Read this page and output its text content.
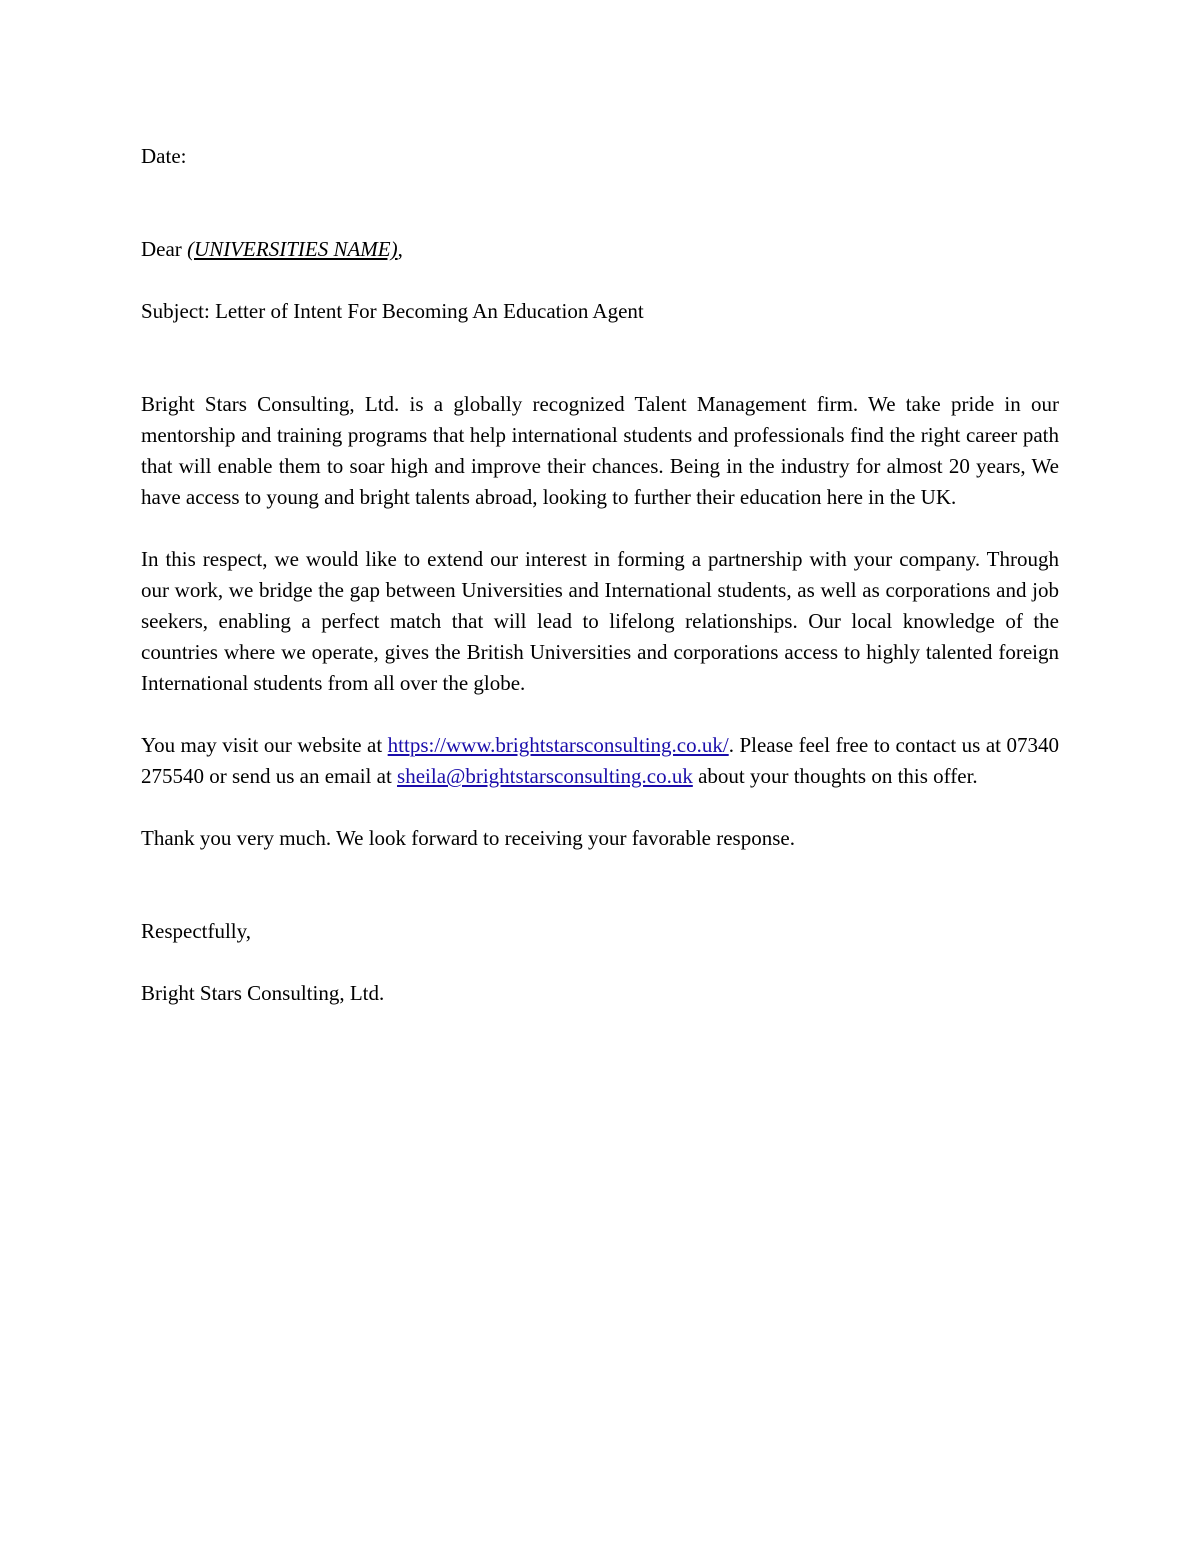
Date:

Dear (UNIVERSITIES NAME),

Subject: Letter of Intent For Becoming An Education Agent

Bright Stars Consulting, Ltd. is a globally recognized Talent Management firm. We take pride in our mentorship and training programs that help international students and professionals find the right career path that will enable them to soar high and improve their chances. Being in the industry for almost 20 years, We have access to young and bright talents abroad, looking to further their education here in the UK.

In this respect, we would like to extend our interest in forming a partnership with your company. Through our work, we bridge the gap between Universities and International students, as well as corporations and job seekers, enabling a perfect match that will lead to lifelong relationships. Our local knowledge of the countries where we operate, gives the British Universities and corporations access to highly talented foreign International students from all over the globe.

You may visit our website at https://www.brightstarsconsulting.co.uk/. Please feel free to contact us at 07340 275540 or send us an email at sheila@brightstarsconsulting.co.uk about your thoughts on this offer.

Thank you very much. We look forward to receiving your favorable response.

Respectfully,

Bright Stars Consulting, Ltd.
